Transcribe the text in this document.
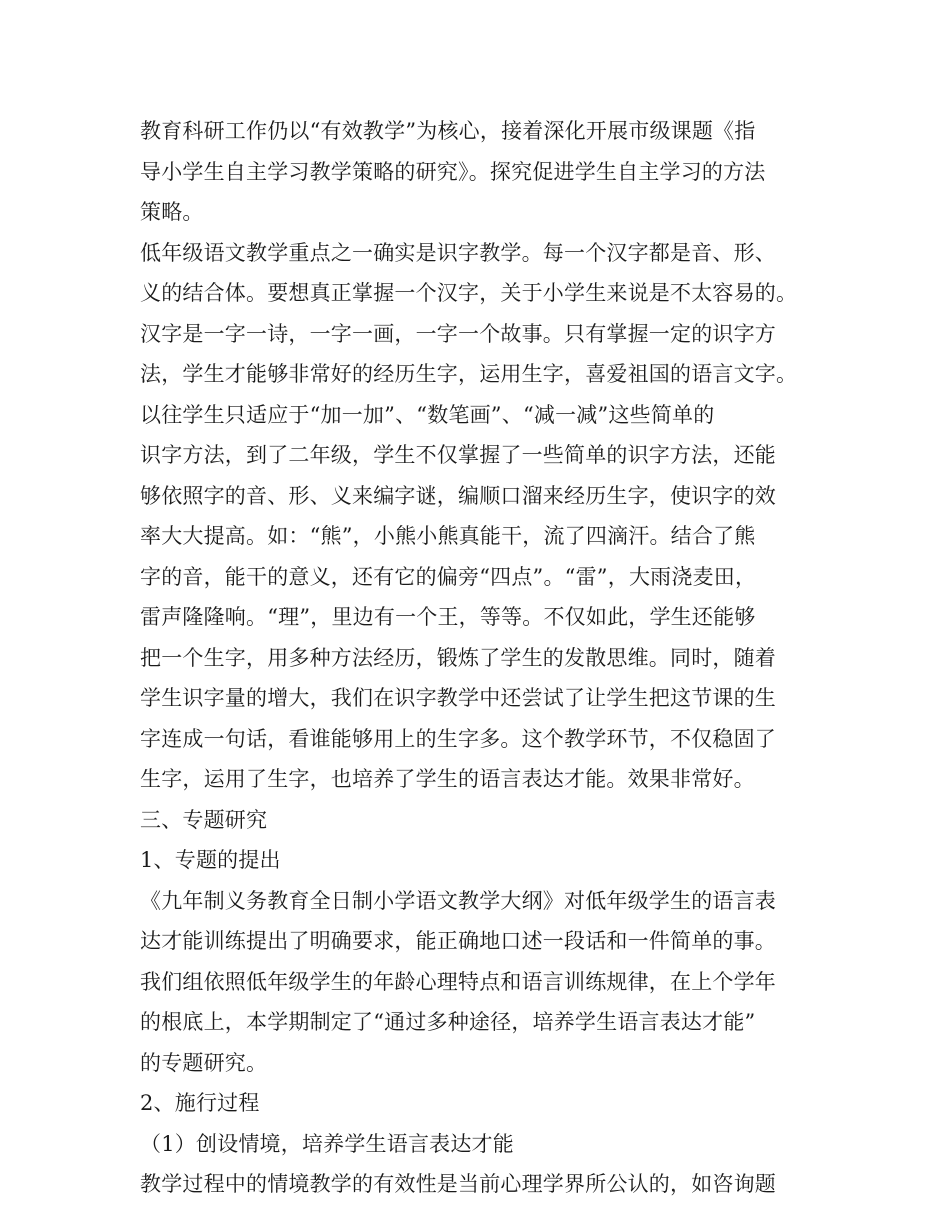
教育科研工作仍以“有效教学”为核心，接着深化开展市级课题《指
导小学生自主学习教学策略的研究》。探究促进学生自主学习的方法
策略。
低年级语文教学重点之一确实是识字教学。每一个汉字都是音、形、
义的结合体。要想真正掌握一个汉字，关于小学生来说是不太容易的。
汉字是一字一诗，一字一画，一字一个故事。只有掌握一定的识字方
法，学生才能够非常好的经历生字，运用生字，喜爱祖国的语言文字。
以往学生只适应于“加一加”、“数笔画”、“减一减”这些简单的
识字方法，到了二年级，学生不仅掌握了一些简单的识字方法，还能
够依照字的音、形、义来编字谜，编顺口溜来经历生字，使识字的效
率大大提高。如：“熊”，小熊小熊真能干，流了四滴汗。结合了熊
字的音，能干的意义，还有它的偏旁“四点”。“雷”，大雨浇麦田，
雷声隆隆响。“理”，里边有一个王，等等。不仅如此，学生还能够
把一个生字，用多种方法经历，锻炼了学生的发散思维。同时，随着
学生识字量的增大，我们在识字教学中还尝试了让学生把这节课的生
字连成一句话，看谁能够用上的生字多。这个教学环节，不仅稳固了
生字，运用了生字，也培养了学生的语言表达才能。效果非常好。
三、专题研究
1、专题的提出
《九年制义务教育全日制小学语文教学大纲》对低年级学生的语言表
达才能训练提出了明确要求，能正确地口述一段话和一件简单的事。
我们组依照低年级学生的年龄心理特点和语言训练规律，在上个学年
的根底上，本学期制定了“通过多种途径，培养学生语言表达才能”
的专题研究。
2、施行过程
（1）创设情境，培养学生语言表达才能
教学过程中的情境教学的有效性是当前心理学界所公认的，如咨询题
